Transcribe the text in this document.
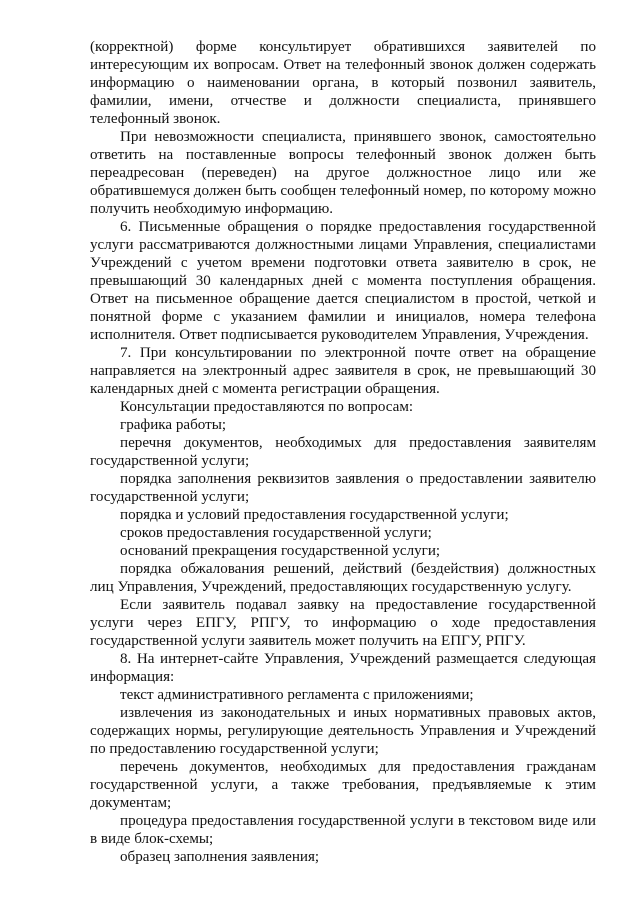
(корректной) форме консультирует обратившихся заявителей по интересующим их вопросам. Ответ на телефонный звонок должен содержать информацию о наименовании органа, в который позвонил заявитель, фамилии, имени, отчестве и должности специалиста, принявшего телефонный звонок.

При невозможности специалиста, принявшего звонок, самостоятельно ответить на поставленные вопросы телефонный звонок должен быть переадресован (переведен) на другое должностное лицо или же обратившемуся должен быть сообщен телефонный номер, по которому можно получить необходимую информацию.

6. Письменные обращения о порядке предоставления государственной услуги рассматриваются должностными лицами Управления, специалистами Учреждений с учетом времени подготовки ответа заявителю в срок, не превышающий 30 календарных дней с момента поступления обращения. Ответ на письменное обращение дается специалистом в простой, четкой и понятной форме с указанием фамилии и инициалов, номера телефона исполнителя. Ответ подписывается руководителем Управления, Учреждения.

7. При консультировании по электронной почте ответ на обращение направляется на электронный адрес заявителя в срок, не превышающий 30 календарных дней с момента регистрации обращения.

Консультации предоставляются по вопросам:

графика работы;

перечня документов, необходимых для предоставления заявителям государственной услуги;

порядка заполнения реквизитов заявления о предоставлении заявителю государственной услуги;

порядка и условий предоставления государственной услуги;

сроков предоставления государственной услуги;

оснований прекращения государственной услуги;

порядка обжалования решений, действий (бездействия) должностных лиц Управления, Учреждений, предоставляющих государственную услугу.

Если заявитель подавал заявку на предоставление государственной услуги через ЕПГУ, РПГУ, то информацию о ходе предоставления государственной услуги заявитель может получить на ЕПГУ, РПГУ.

8. На интернет-сайте Управления, Учреждений размещается следующая информация:

текст административного регламента с приложениями;

извлечения из законодательных и иных нормативных правовых актов, содержащих нормы, регулирующие деятельность Управления и Учреждений по предоставлению государственной услуги;

перечень документов, необходимых для предоставления гражданам государственной услуги, а также требования, предъявляемые к этим документам;

процедура предоставления государственной услуги в текстовом виде или в виде блок-схемы;

образец заполнения заявления;
